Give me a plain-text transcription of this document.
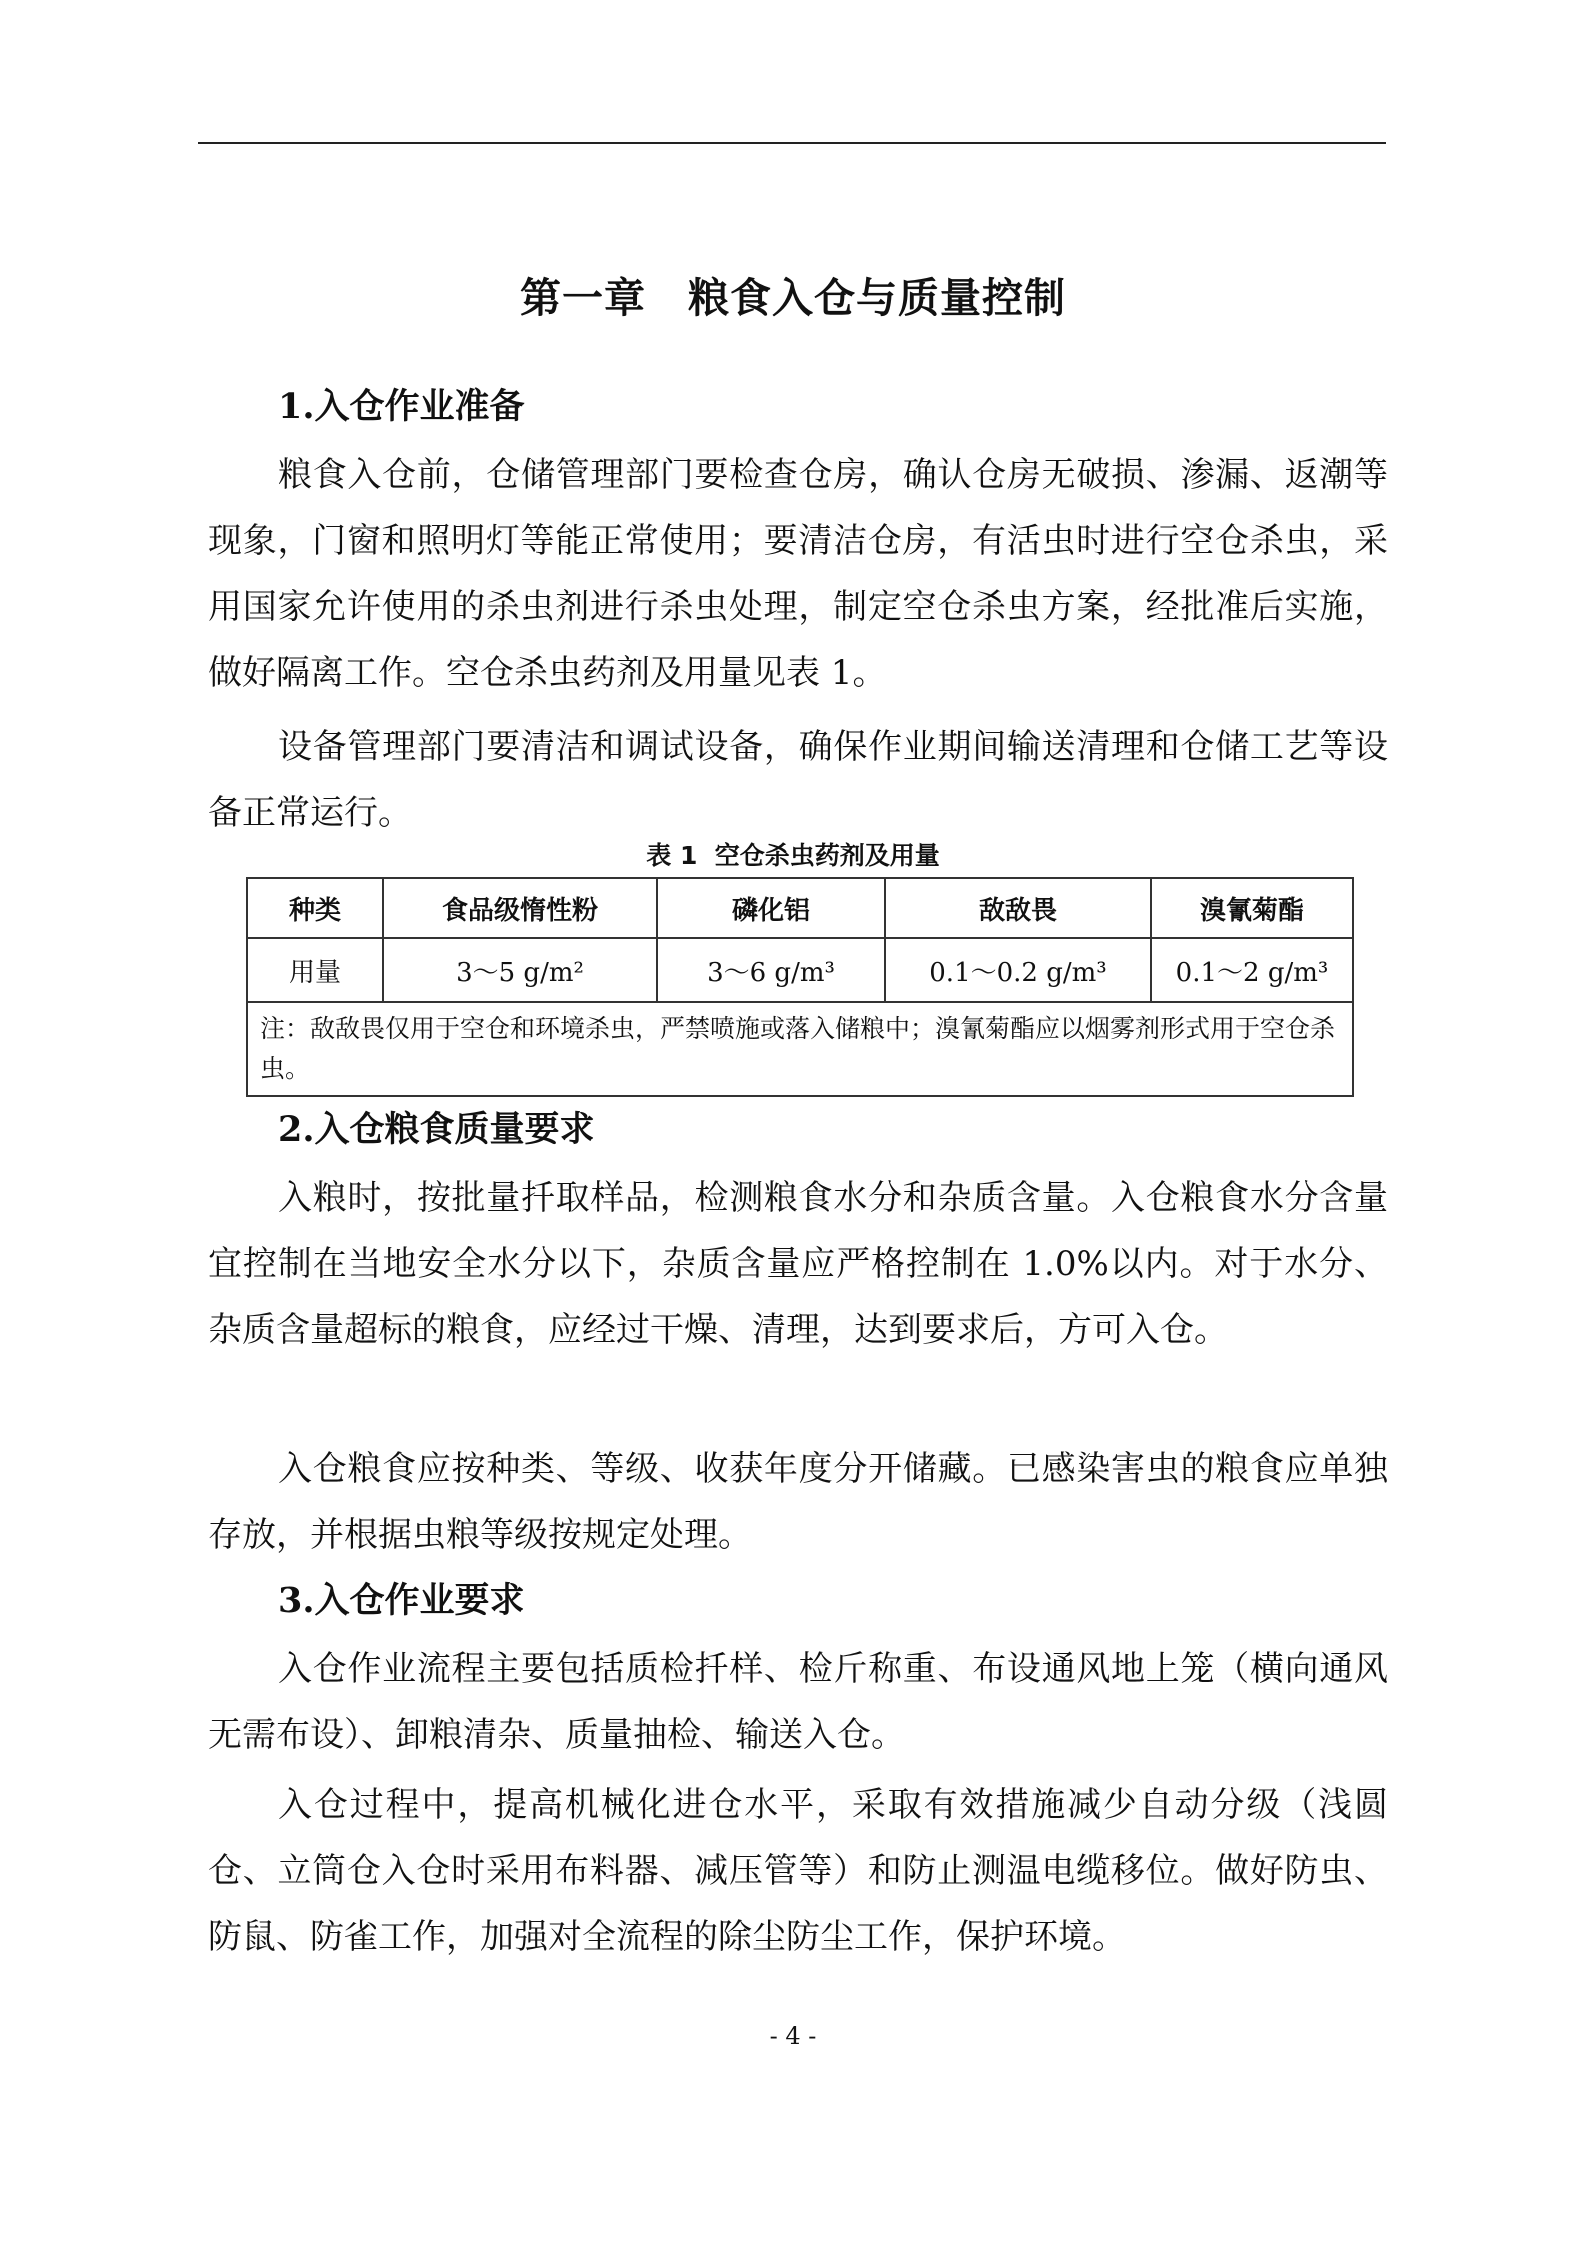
第一章　粮食入仓与质量控制
1.入仓作业准备

粮食入仓前，仓储管理部门要检查仓房，确认仓房无破损、渗漏、返潮等现象，门窗和照明灯等能正常使用；要清洁仓房，有活虫时进行空仓杀虫，采用国家允许使用的杀虫剂进行杀虫处理，制定空仓杀虫方案，经批准后实施，做好隔离工作。空仓杀虫药剂及用量见表 1。

设备管理部门要清洁和调试设备，确保作业期间输送清理和仓储工艺等设备正常运行。

表 1  空仓杀虫药剂及用量
种类	食品级惰性粉	磷化铝	敌敌畏	溴氰菊酯
用量	3～5 g/m²	3～6 g/m³	0.1～0.2 g/m³	0.1～2 g/m³
注：敌敌畏仅用于空仓和环境杀虫，严禁喷施或落入储粮中；溴氰菊酯应以烟雾剂形式用于空仓杀虫。				
2.入仓粮食质量要求

入粮时，按批量扦取样品，检测粮食水分和杂质含量。入仓粮食水分含量宜控制在当地安全水分以下，杂质含量应严格控制在 1.0%以内。对于水分、杂质含量超标的粮食，应经过干燥、清理，达到要求后，方可入仓。

入仓粮食应按种类、等级、收获年度分开储藏。已感染害虫的粮食应单独存放，并根据虫粮等级按规定处理。

3.入仓作业要求

入仓作业流程主要包括质检扦样、检斤称重、布设通风地上笼（横向通风无需布设）、卸粮清杂、质量抽检、输送入仓。

入仓过程中，提高机械化进仓水平，采取有效措施减少自动分级（浅圆仓、立筒仓入仓时采用布料器、减压管等）和防止测温电缆移位。做好防虫、防鼠、防雀工作，加强对全流程的除尘防尘工作，保护环境。

- 4 -
